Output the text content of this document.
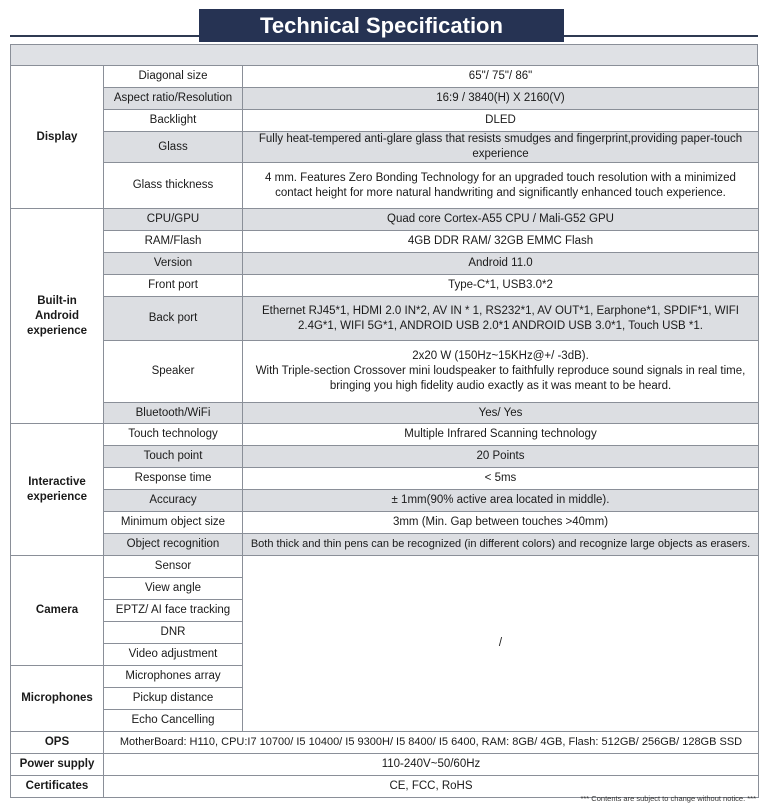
Technical Specification
Display	Diagonal size	65"/ 75"/ 86"
	Aspect ratio/Resolution	16:9 / 3840(H) X 2160(V)
	Backlight	DLED
	Glass	Fully heat-tempered anti-glare glass that resists smudges and fingerprint,providing paper-touch experience
	Glass thickness	4 mm. Features Zero Bonding Technology for an upgraded touch resolution with a minimized contact height for more natural handwriting and significantly enhanced touch experience.
Built-in Android experience	CPU/GPU	Quad core Cortex-A55 CPU / Mali-G52 GPU
	RAM/Flash	4GB DDR RAM/ 32GB EMMC Flash
	Version	Android 11.0
	Front port	Type-C*1, USB3.0*2
	Back port	Ethernet RJ45*1, HDMI 2.0 IN*2, AV IN * 1, RS232*1, AV OUT*1, Earphone*1, SPDIF*1, WIFI 2.4G*1, WIFI 5G*1, ANDROID USB 2.0*1 ANDROID USB 3.0*1, Touch USB *1.
	Speaker	2x20 W (150Hz~15KHz@+/ -3dB).
With Triple-section Crossover mini loudspeaker to faithfully reproduce sound signals in real time, bringing you high fidelity audio exactly as it was meant to be heard.

	Bluetooth/WiFi	Yes/ Yes
Interactive experience	Touch technology	Multiple Infrared Scanning technology
	Touch point	20 Points
	Response time	< 5ms
	Accuracy	± 1mm(90% active area located in middle).
	Minimum object size	3mm (Min. Gap between touches >40mm)
	Object recognition	Both thick and thin pens can be recognized (in different colors) and recognize large objects as erasers.
Camera	Sensor	/
	View angle	
	EPTZ/ AI face tracking	
	DNR	
	Video adjustment	
Microphones	Microphones array	
	Pickup distance	
	Echo Cancelling	
OPS	MotherBoard: H110, CPU:I7 10700/ I5 10400/ I5 9300H/ I5 8400/ I5 6400, RAM: 8GB/ 4GB, Flash: 512GB/ 256GB/ 128GB SSD	
Power supply	110-240V~50/60Hz	
Certificates	CE, FCC, RoHS	
*** Contents are subject to change without notice. ***
